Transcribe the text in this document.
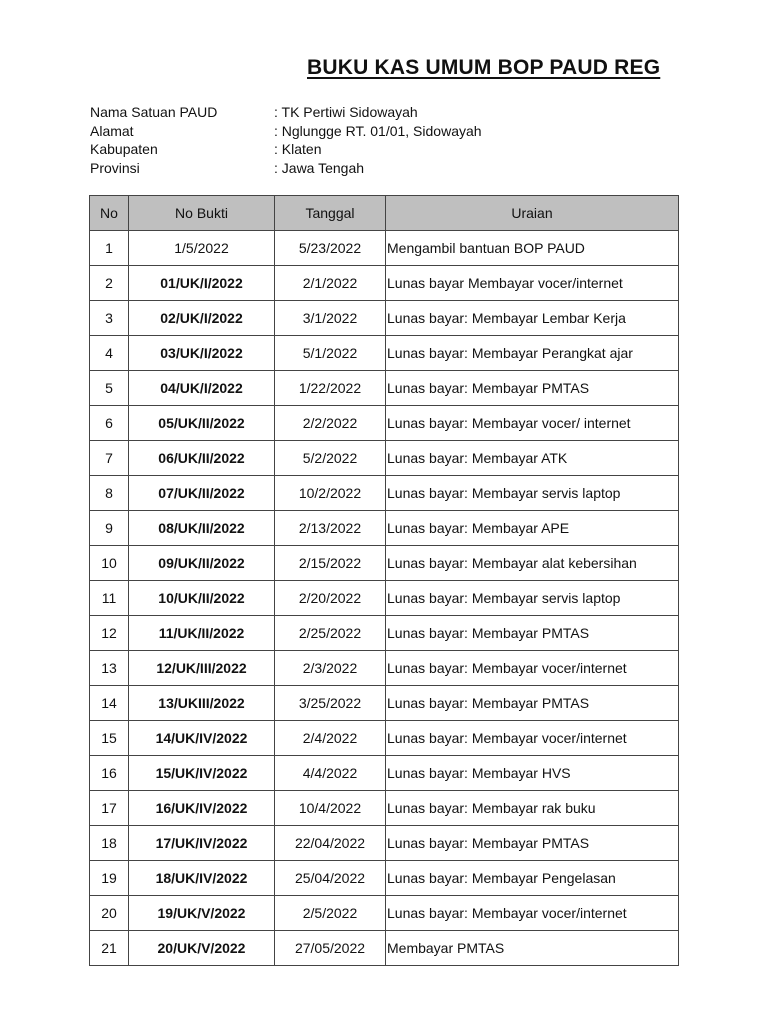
BUKU KAS UMUM BOP PAUD REG
Nama Satuan PAUD	: TK Pertiwi Sidowayah
Alamat	: Nglungge RT. 01/01, Sidowayah
Kabupaten	: Klaten
Provinsi	: Jawa Tengah
No	No Bukti	Tanggal	Uraian
1	1/5/2022	5/23/2022	Mengambil bantuan BOP PAUD
2	01/UK/I/2022	2/1/2022	Lunas bayar Membayar vocer/internet
3	02/UK/I/2022	3/1/2022	Lunas bayar: Membayar Lembar Kerja
4	03/UK/I/2022	5/1/2022	Lunas bayar: Membayar Perangkat ajar
5	04/UK/I/2022	1/22/2022	Lunas bayar: Membayar PMTAS
6	05/UK/II/2022	2/2/2022	Lunas bayar: Membayar vocer/ internet
7	06/UK/II/2022	5/2/2022	Lunas bayar: Membayar ATK
8	07/UK/II/2022	10/2/2022	Lunas bayar: Membayar servis laptop
9	08/UK/II/2022	2/13/2022	Lunas bayar: Membayar APE
10	09/UK/II/2022	2/15/2022	Lunas bayar: Membayar alat kebersihan
11	10/UK/II/2022	2/20/2022	Lunas bayar: Membayar servis laptop
12	11/UK/II/2022	2/25/2022	Lunas bayar: Membayar PMTAS
13	12/UK/III/2022	2/3/2022	Lunas bayar: Membayar vocer/internet
14	13/UKIII/2022	3/25/2022	Lunas bayar: Membayar PMTAS
15	14/UK/IV/2022	2/4/2022	Lunas bayar: Membayar vocer/internet
16	15/UK/IV/2022	4/4/2022	Lunas bayar: Membayar HVS
17	16/UK/IV/2022	10/4/2022	Lunas bayar: Membayar rak buku
18	17/UK/IV/2022	22/04/2022	Lunas bayar: Membayar PMTAS
19	18/UK/IV/2022	25/04/2022	Lunas bayar: Membayar Pengelasan
20	19/UK/V/2022	2/5/2022	Lunas bayar: Membayar vocer/internet
21	20/UK/V/2022	27/05/2022	Membayar PMTAS
